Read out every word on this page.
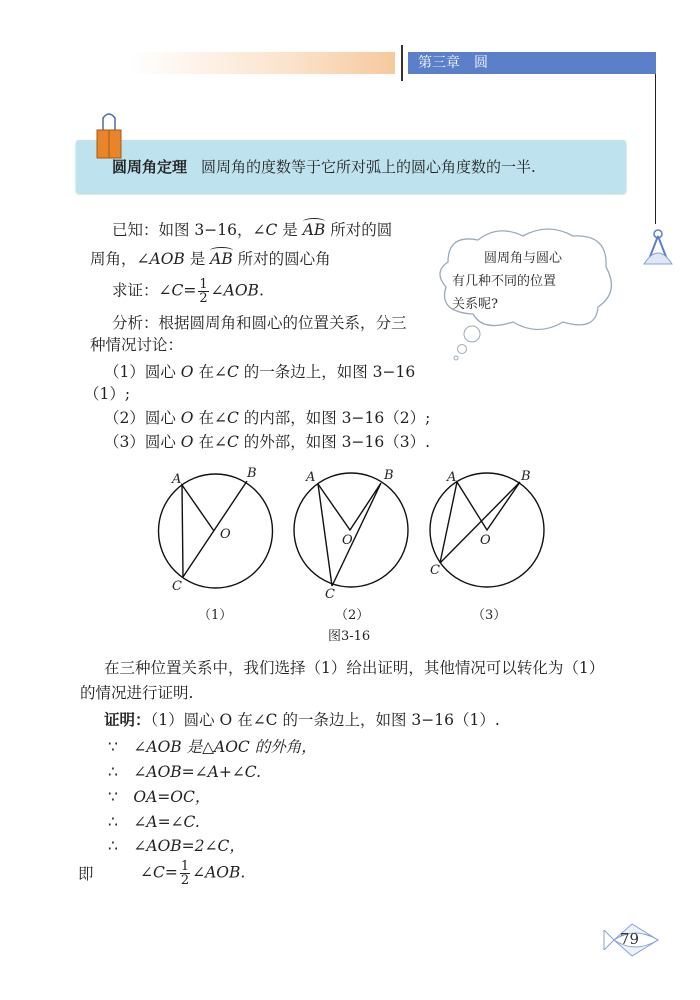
第三章　圆
圆周角定理 圆周角的度数等于它所对弧上的圆心角度数的一半.
已知：如图 3−16，∠C 是 AB 所对的圆
周角，∠AOB 是 AB 所对的圆心角
求证：∠C= $\frac{1}{2}$ ∠AOB.
分析：根据圆周角和圆心的位置关系，分三
种情况讨论：
（1）圆心 O 在∠C 的一条边上，如图 3−16
（1）;
（2）圆心 O 在∠C 的内部，如图 3−16（2）;
（3）圆心 O 在∠C 的外部，如图 3−16（3）.
圆周角与圆心
有几种不同的位置
关系呢?
A	B
O
C
A	B
O
C
A	B
O
C
（1）	（2）	（3）
图3-16
在三种位置关系中，我们选择（1）给出证明，其他情况可以转化为（1）
的情况进行证明.
证明：（1）圆心 O 在∠C 的一条边上，如图 3−16（1）.
∵　 ∠AOB 是△AOC 的外角，
∴　 ∠AOB=∠A+∠C.
∵　 OA=OC，
∴　 ∠A=∠C.
∴　 ∠AOB=2∠C，
即	∠C= $\frac{1}{2}$ ∠AOB.
79
